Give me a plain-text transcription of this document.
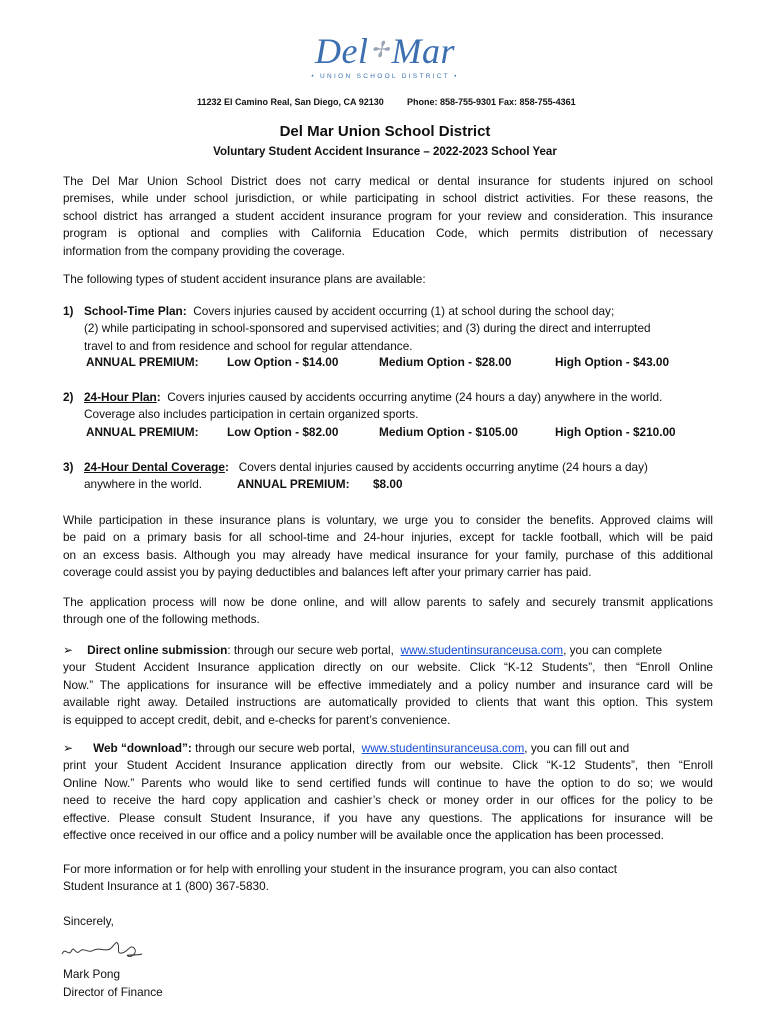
Del✢Mar
• UNION SCHOOL DISTRICT •
11232 El Camino Real, San Diego, CA 92130	Phone: 858-755-9301 Fax: 858-755-4361
Del Mar Union School District
Voluntary Student Accident Insurance – 2022-2023 School Year
The Del Mar Union School District does not carry medical or dental insurance for students injured on school
premises, while under school jurisdiction, or while participating in school district activities. For these reasons, the
school district has arranged a student accident insurance program for your review and consideration. This insurance
program is optional and complies with California Education Code, which permits distribution of necessary
information from the company providing the coverage.
The following types of student accident insurance plans are available:
1) School-Time Plan: Covers injuries caused by accident occurring (1) at school during the school day;
(2) while participating in school-sponsored and supervised activities; and (3) during the direct and interrupted
travel to and from residence and school for regular attendance.
ANNUAL PREMIUM: Low Option - $14.00	Medium Option - $28.00	High Option - $43.00
2) 24-Hour Plan: Covers injuries caused by accidents occurring anytime (24 hours a day) anywhere in the world.
Coverage also includes participation in certain organized sports.
ANNUAL PREMIUM: Low Option - $82.00	Medium Option - $105.00	High Option - $210.00
3) 24-Hour Dental Coverage: Covers dental injuries caused by accidents occurring anytime (24 hours a day)
anywhere in the world.	ANNUAL PREMIUM: $8.00
While participation in these insurance plans is voluntary, we urge you to consider the benefits. Approved claims will
be paid on a primary basis for all school-time and 24-hour injuries, except for tackle football, which will be paid
on an excess basis. Although you may already have medical insurance for your family, purchase of this additional
coverage could assist you by paying deductibles and balances left after your primary carrier has paid.
The application process will now be done online, and will allow parents to safely and securely transmit applications
through one of the following methods.
➢ Direct online submission: through our secure web portal, www.studentinsuranceusa.com, you can complete
your Student Accident Insurance application directly on our website. Click “K-12 Students”, then “Enroll Online
Now.” The applications for insurance will be effective immediately and a policy number and insurance card will be
available right away. Detailed instructions are automatically provided to clients that want this option. This system
is equipped to accept credit, debit, and e-checks for parent’s convenience.
➢ Web “download”: through our secure web portal, www.studentinsuranceusa.com, you can fill out and
print your Student Accident Insurance application directly from our website. Click “K-12 Students”, then “Enroll
Online Now.” Parents who would like to send certified funds will continue to have the option to do so; we would
need to receive the hard copy application and cashier’s check or money order in our offices for the policy to be
effective. Please consult Student Insurance, if you have any questions. The applications for insurance will be
effective once received in our office and a policy number will be available once the application has been processed.
For more information or for help with enrolling your student in the insurance program, you can also contact
Student Insurance at 1 (800) 367-5830.
Sincerely,
Mark Pong
Director of Finance
